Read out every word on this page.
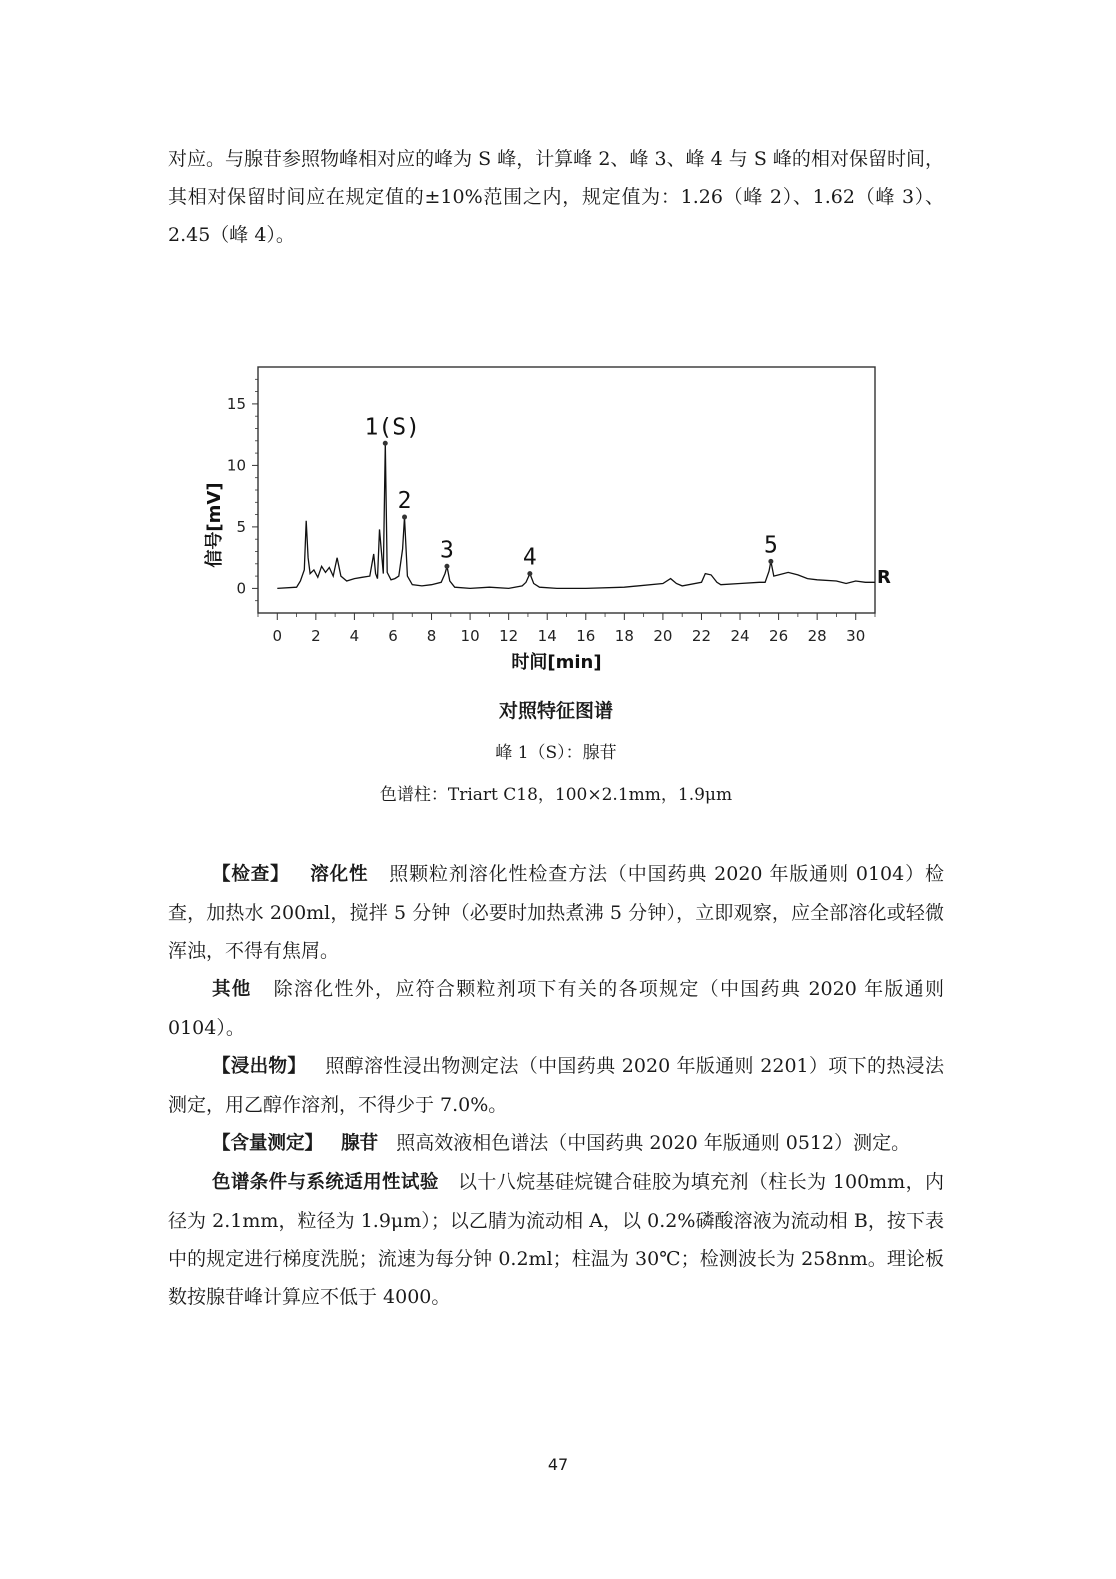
对应。与腺苷参照物峰相对应的峰为 S 峰，计算峰 2、峰 3、峰 4 与 S 峰的相对保留时间，其相对保留时间应在规定值的±10%范围之内，规定值为：1.26（峰 2）、1.62（峰 3）、2.45（峰 4）。

0 2 4 6 8 10 12 14 16 18 20 22 24 26 28 30
0
5
10
15
1(S)
2
3	4	5
R
时间[min]
信号[mV]

对照特征图谱

峰 1（S）：腺苷

色谱柱：Triart C18，100×2.1mm，1.9μm

【检查】 溶化性 照颗粒剂溶化性检查方法（中国药典 2020 年版通则 0104）检查，加热水 200ml，搅拌 5 分钟（必要时加热煮沸 5 分钟），立即观察，应全部溶化或轻微浑浊，不得有焦屑。

其他 除溶化性外，应符合颗粒剂项下有关的各项规定（中国药典 2020 年版通则 0104）。

【浸出物】 照醇溶性浸出物测定法（中国药典 2020 年版通则 2201）项下的热浸法测定，用乙醇作溶剂，不得少于 7.0%。

【含量测定】 腺苷 照高效液相色谱法（中国药典 2020 年版通则 0512）测定。

色谱条件与系统适用性试验 以十八烷基硅烷键合硅胶为填充剂（柱长为 100mm，内径为 2.1mm，粒径为 1.9μm）；以乙腈为流动相 A，以 0.2%磷酸溶液为流动相 B，按下表中的规定进行梯度洗脱；流速为每分钟 0.2ml；柱温为 30℃；检测波长为 258nm。理论板数按腺苷峰计算应不低于 4000。

47
